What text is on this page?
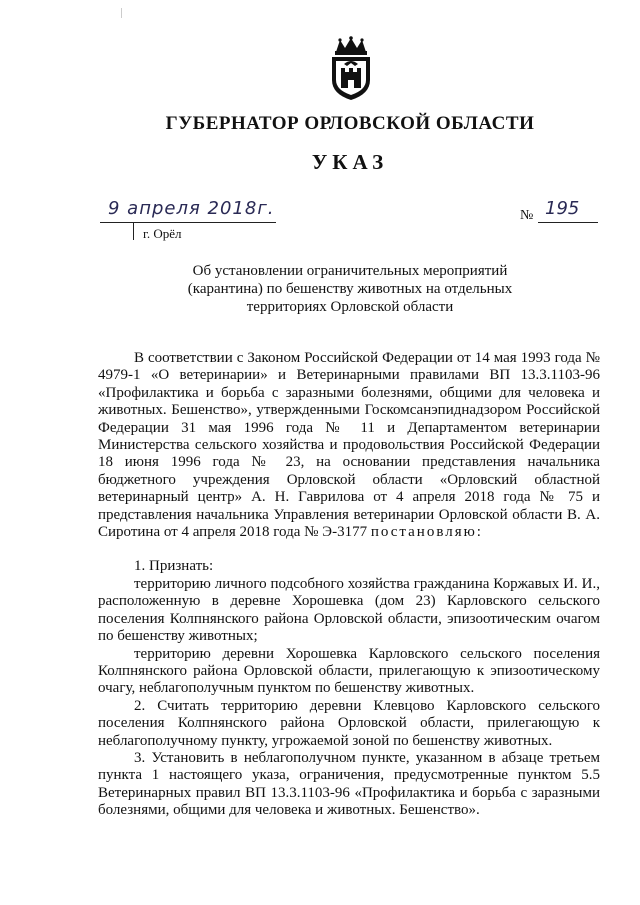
ГУБЕРНАТОР ОРЛОВСКОЙ ОБЛАСТИ
УКАЗ
9 апреля 2018г.
г. Орёл
№ 195
Об установлении ограничительных мероприятий
(карантина) по бешенству животных на отдельных
территориях Орловской области

В соответствии с Законом Российской Федерации от 14 мая 1993 года № 4979-1 «О ветеринарии» и Ветеринарными правилами ВП 13.3.1103-96 «Профилактика и борьба с заразными болезнями, общими для человека и животных. Бешенство», утвержденными Госкомсанэпиднадзором Российской Федерации 31 мая 1996 года № 11 и Департаментом ветеринарии Министерства сельского хозяйства и продовольствия Российской Федерации 18 июня 1996 года № 23, на основании представления начальника бюджетного учреждения Орловской области «Орловский областной ветеринарный центр» А. Н. Гаврилова от 4 апреля 2018 года № 75 и представления начальника Управления ветеринарии Орловской области В. А. Сиротина от 4 апреля 2018 года № Э-3177 постановляю:

1. Признать:

территорию личного подсобного хозяйства гражданина Коржавых И. И., расположенную в деревне Хорошевка (дом 23) Карловского сельского поселения Колпнянского района Орловской области, эпизоотическим очагом по бешенству животных;

территорию деревни Хорошевка Карловского сельского поселения Колпнянского района Орловской области, прилегающую к эпизоотическому очагу, неблагополучным пунктом по бешенству животных.

2. Считать территорию деревни Клевцово Карловского сельского поселения Колпнянского района Орловской области, прилегающую к неблагополучному пункту, угрожаемой зоной по бешенству животных.

3. Установить в неблагополучном пункте, указанном в абзаце третьем пункта 1 настоящего указа, ограничения, предусмотренные пунктом 5.5 Ветеринарных правил ВП 13.3.1103-96 «Профилактика и борьба с заразными болезнями, общими для человека и животных. Бешенство».
